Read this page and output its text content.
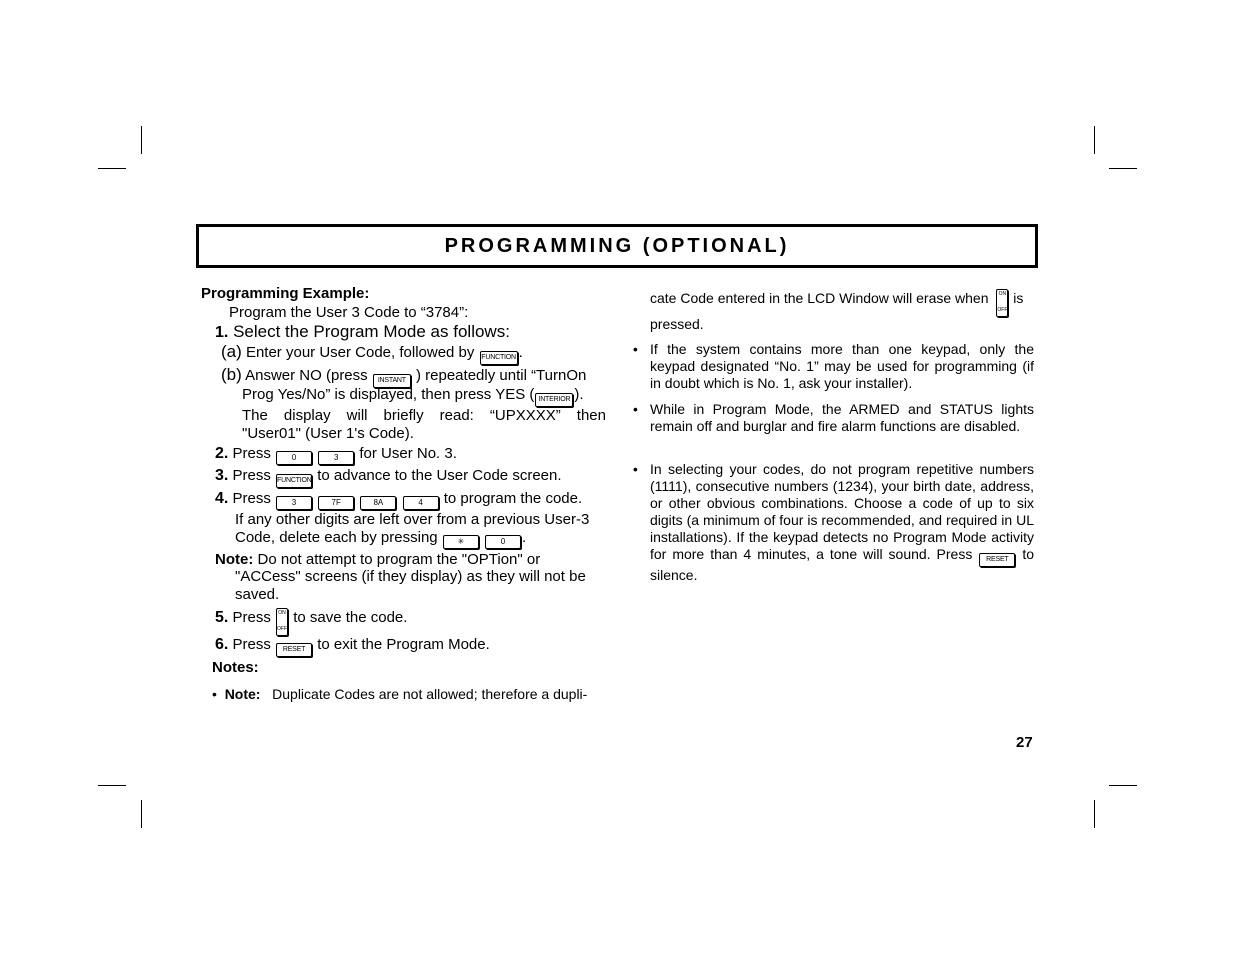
PROGRAMMING (OPTIONAL)
Programming Example:
Program the User 3 Code to “3784”:
1. Select the Program Mode as follows:
(a) Enter your User Code, followed by FUNCTION .
(b) Answer NO (press INSTANT ) repeatedly until “TurnOn
Prog Yes/No” is displayed, then press YES ( INTERIOR ).
The display will briefly read: “UPXXXX” then
"User01" (User 1's Code).
2. Press	0	3 for User No. 3.
3. Press FUNCTION to advance to the User Code screen.
4. Press	3	7F	8A	4 to program the code.
If any other digits are left over from a previous User-3
Code, delete each by pressing ✳	0 .
Note: Do not attempt to program the "OPTion" or
"ACCess" screens (if they display) as they will not be
saved.
5. Press ON

OFF to save the code.
6. Press RESET to exit the Program Mode.
Notes:
• Note: Duplicate Codes are not allowed; therefore a dupli-
cate Code entered in the LCD Window will erase when ON

OFF is
pressed.
• If the system contains more than one keypad, only the keypad designated “No. 1” may be used for programming (if in doubt which is No. 1, ask your installer).
• While in Program Mode, the ARMED and STATUS lights remain off and burglar and fire alarm functions are disabled.
• In selecting your codes, do not program repetitive numbers (1111), consecutive numbers (1234), your birth date, address, or other obvious combinations. Choose a code of up to six digits (a minimum of four is recommended, and required in UL installations). If the keypad detects no Program Mode activity for more than 4 minutes, a tone will sound. Press RESET to silence.
27
